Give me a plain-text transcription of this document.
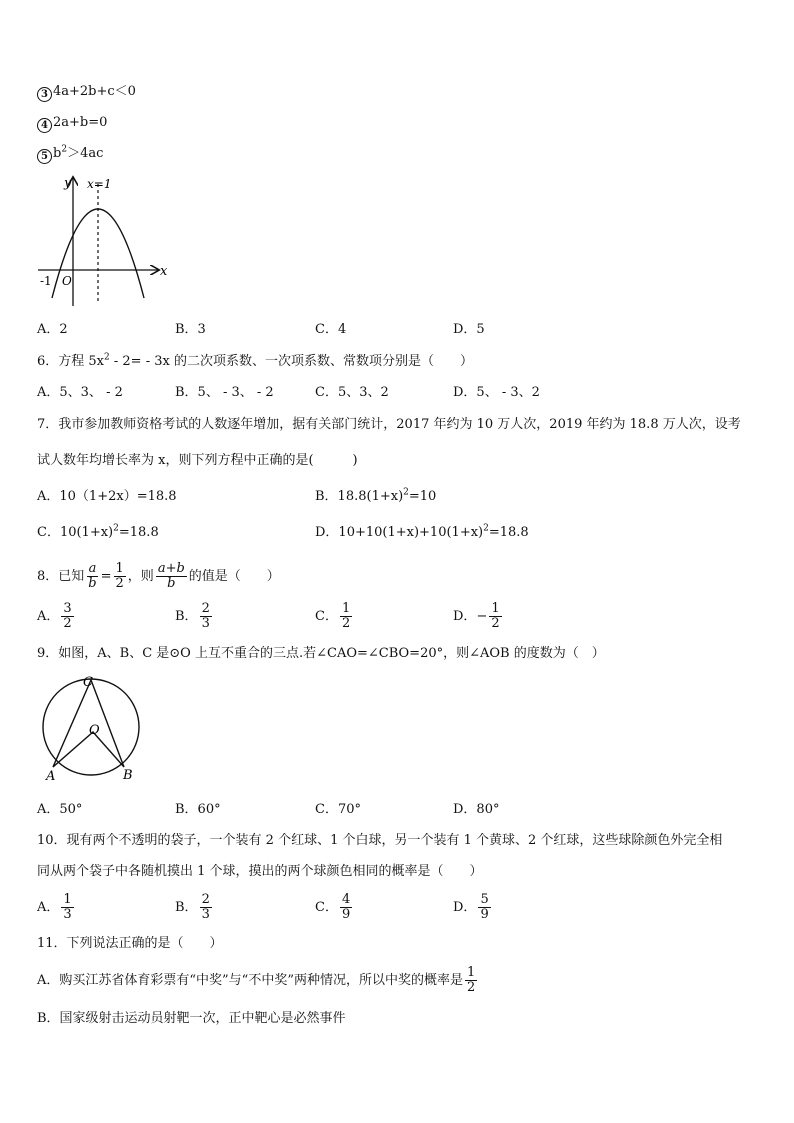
3 4a+2b+c＜0
4 2a+b=0
5 $b^2>4ac$
y x=1
x
-1 O
A．2	B．3	C．4	D．5
6．方程 $5x^2 - 2= - 3x$ 的二次项系数、一次项系数、常数项分别是（　　）
A．5、3、 - 2	B．5、 - 3、 - 2	C．5、3、2	D．5、 - 3、2
7．我市参加教师资格考试的人数逐年增加，据有关部门统计，2017 年约为 10 万人次，2019 年约为 18.8 万人次，设考
试人数年均增长率为 x，则下列方程中正确的是(　　　)
A．10（1+2x）=18.8	B．$18.8(1+x)^2=10$
C．$10(1+x)^2=18.8$	D．$10+10(1+x)+10(1+x)^2=18.8$
8．已知 $\frac{a}{b} = \frac{1}{2}$ ，则 $\frac{a+b}{b}$ 的值是（　　）
A． $\frac{3}{2}$	B． $\frac{2}{3}$	C． $\frac{1}{2}$	D．− $\frac{1}{2}$
9．如图，A、B、C 是⊙O 上互不重合的三点.若∠CAO=∠CBO=20°，则∠AOB 的度数为（　）
C
O
A	B
A．50°	B．60°	C．70°	D．80°
10．现有两个不透明的袋子，一个装有 2 个红球、1 个白球，另一个装有 1 个黄球、2 个红球，这些球除颜色外完全相
同从两个袋子中各随机摸出 1 个球，摸出的两个球颜色相同的概率是（　　）
A． $\frac{1}{3}$	B． $\frac{2}{3}$	C． $\frac{4}{9}$	D． $\frac{5}{9}$
11．下列说法正确的是（　　）
A．购买江苏省体育彩票有“中奖”与“不中奖”两种情况，所以中奖的概率是 $\frac{1}{2}$
B．国家级射击运动员射靶一次，正中靶心是必然事件
